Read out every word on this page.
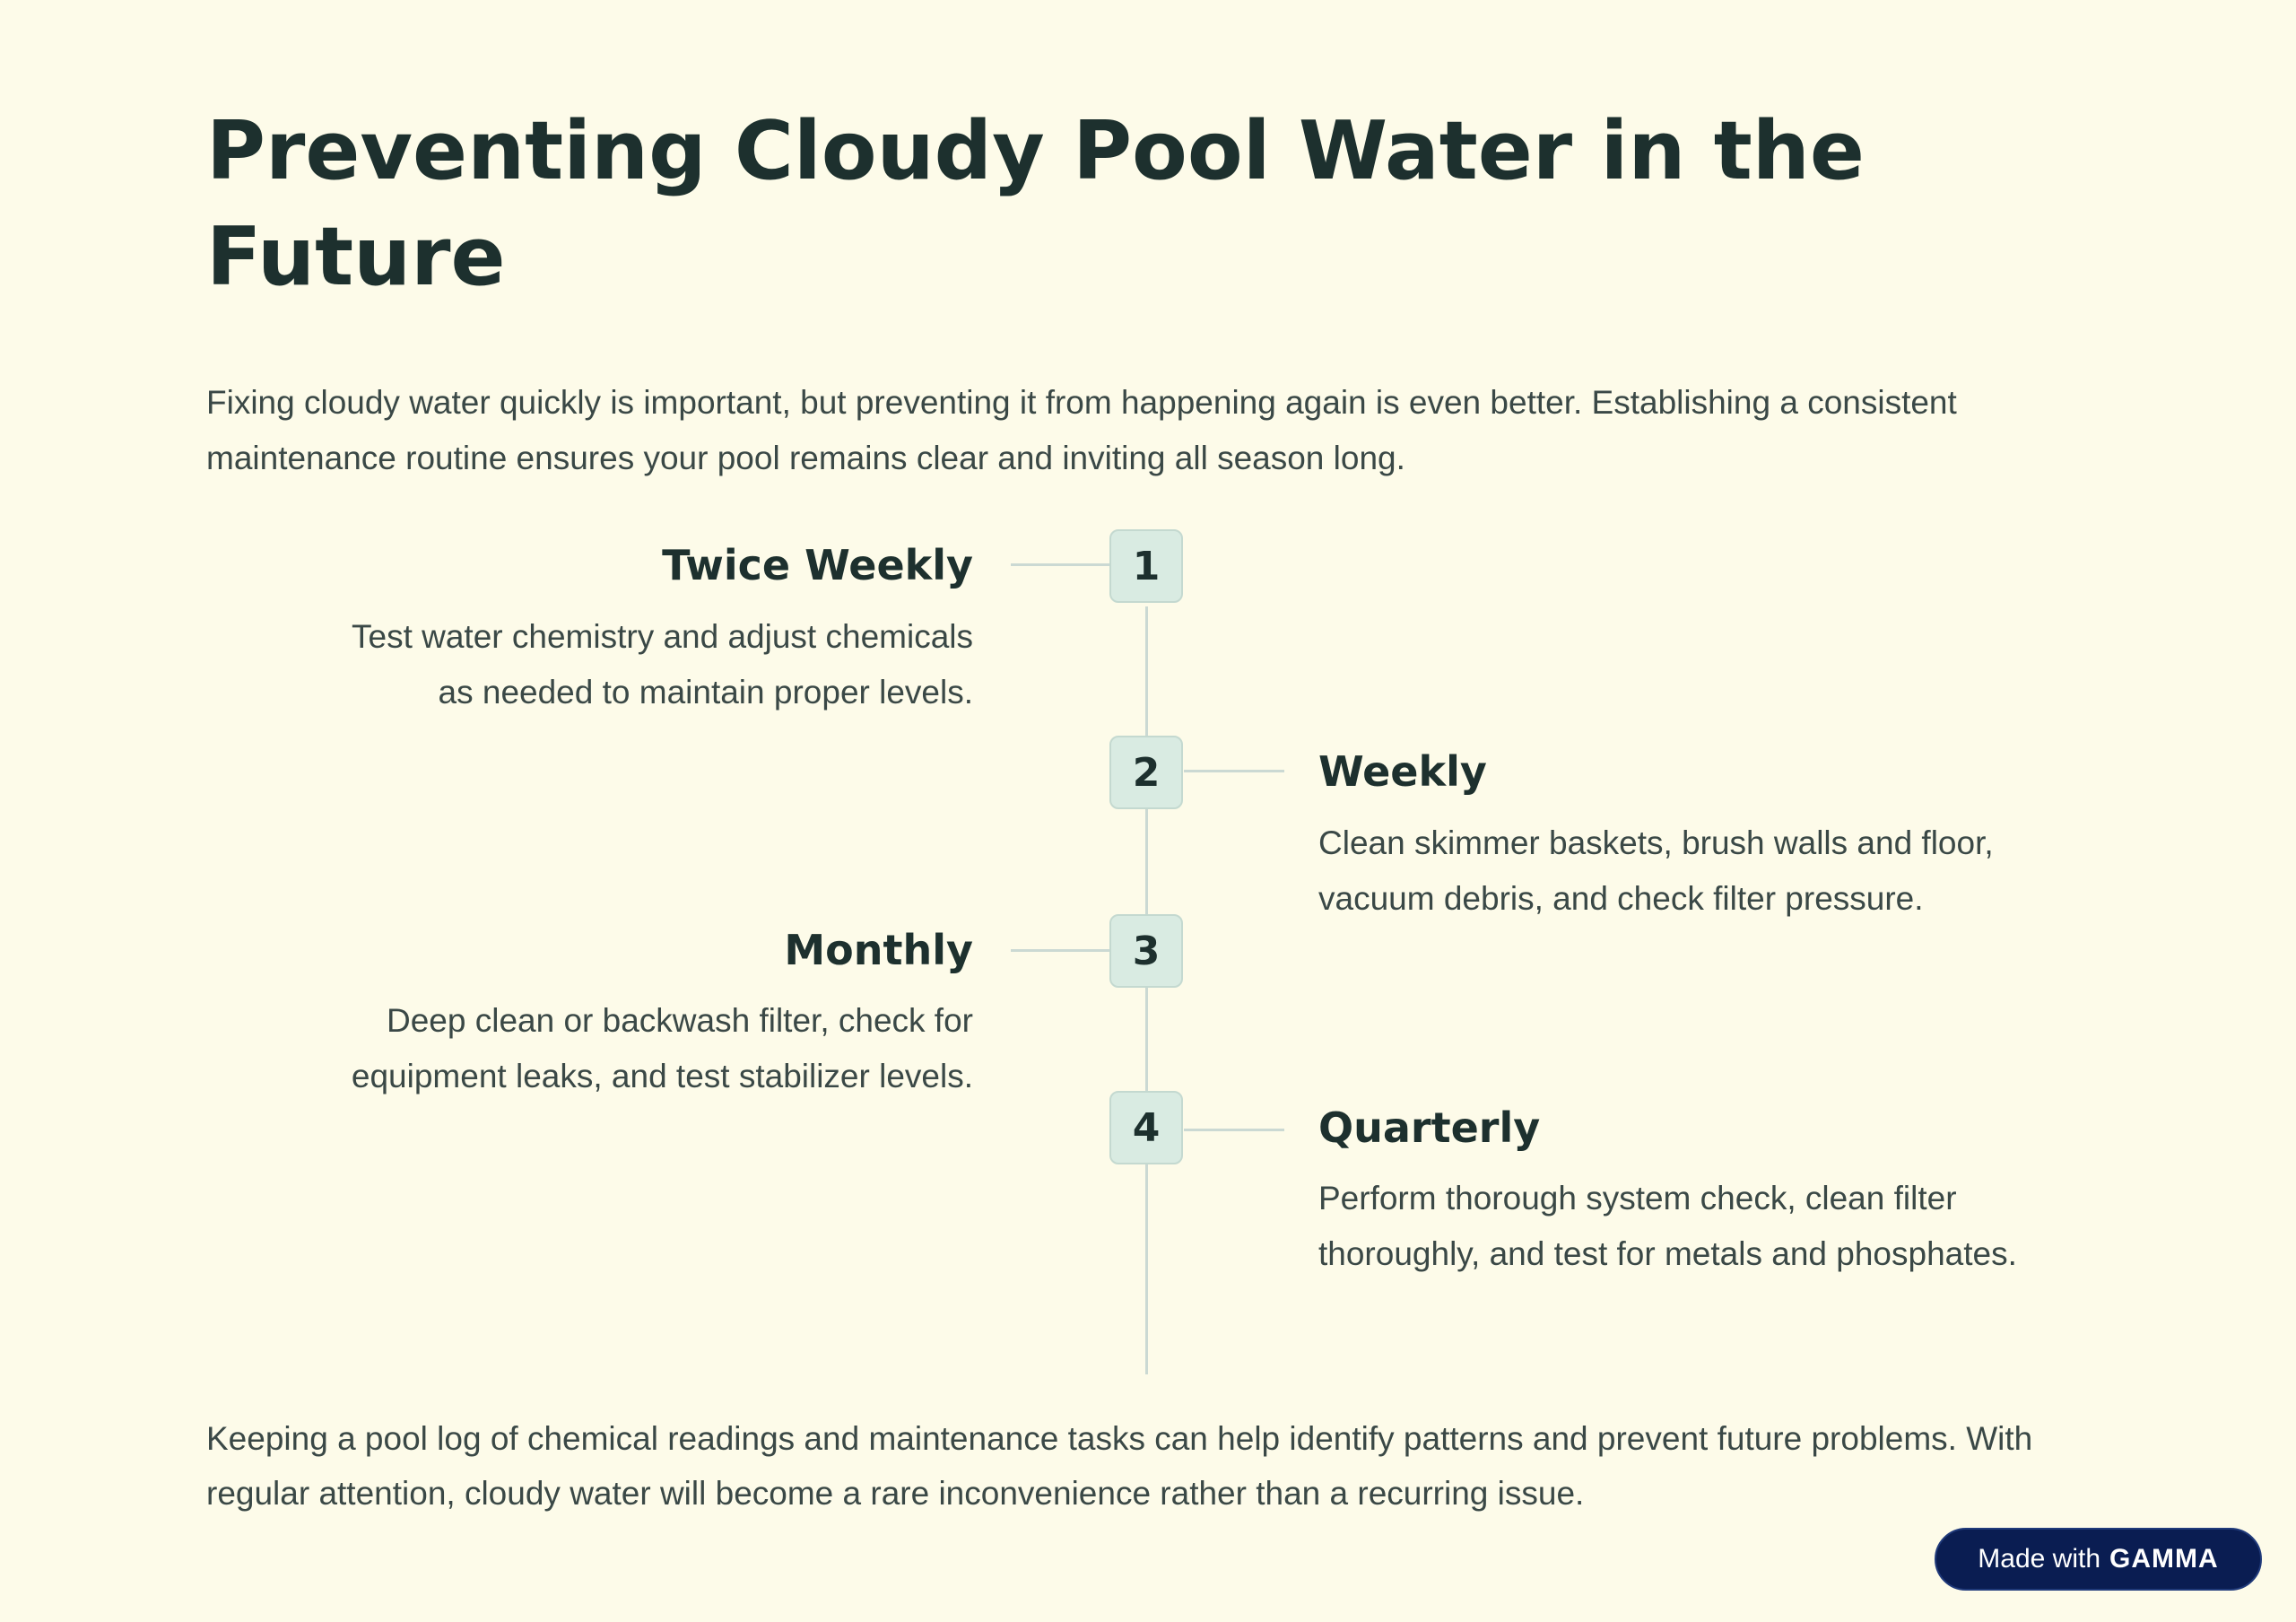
Preventing Cloudy Pool Water in the Future

Fixing cloudy water quickly is important, but preventing it from happening again is even better. Establishing a consistent maintenance routine ensures your pool remains clear and inviting all season long.

1
Twice Weekly

Test water chemistry and adjust chemicals as needed to maintain proper levels.

2	Weekly

Clean skimmer baskets, brush walls and floor, vacuum debris, and check filter pressure.

3
Monthly

Deep clean or backwash filter, check for equipment leaks, and test stabilizer levels.

4	Quarterly

Perform thorough system check, clean filter thoroughly, and test for metals and phosphates.

Keeping a pool log of chemical readings and maintenance tasks can help identify patterns and prevent future problems. With regular attention, cloudy water will become a rare inconvenience rather than a recurring issue.

Made with GAMMA
